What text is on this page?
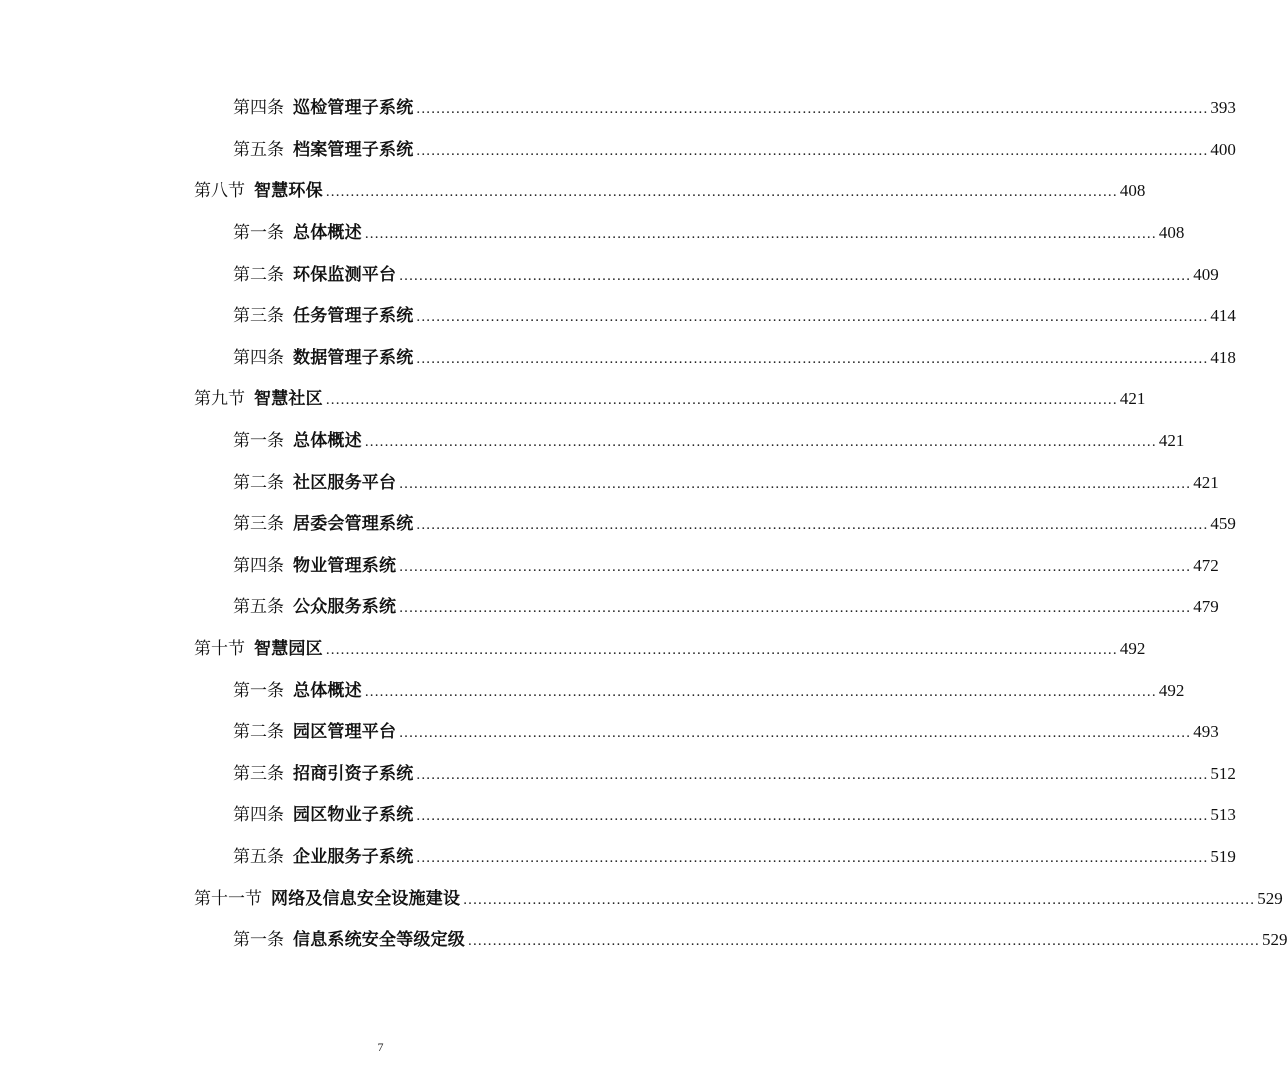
第四条 巡检管理子系统 ................................................................................................................................................................ 393
第五条 档案管理子系统 ................................................................................................................................................................ 400
第八节 智慧环保 ................................................................................................................................................................ 408
第一条 总体概述 ................................................................................................................................................................ 408
第二条 环保监测平台 ................................................................................................................................................................ 409
第三条 任务管理子系统 ................................................................................................................................................................ 414
第四条 数据管理子系统 ................................................................................................................................................................ 418
第九节 智慧社区 ................................................................................................................................................................ 421
第一条 总体概述 ................................................................................................................................................................ 421
第二条 社区服务平台 ................................................................................................................................................................ 421
第三条 居委会管理系统 ................................................................................................................................................................ 459
第四条 物业管理系统 ................................................................................................................................................................ 472
第五条 公众服务系统 ................................................................................................................................................................ 479
第十节 智慧园区 ................................................................................................................................................................ 492
第一条 总体概述 ................................................................................................................................................................ 492
第二条 园区管理平台 ................................................................................................................................................................ 493
第三条 招商引资子系统 ................................................................................................................................................................ 512
第四条 园区物业子系统 ................................................................................................................................................................ 513
第五条 企业服务子系统 ................................................................................................................................................................ 519
第十一节 网络及信息安全设施建设 ................................................................................................................................................................ 529
第一条 信息系统安全等级定级 ................................................................................................................................................................ 529
7
